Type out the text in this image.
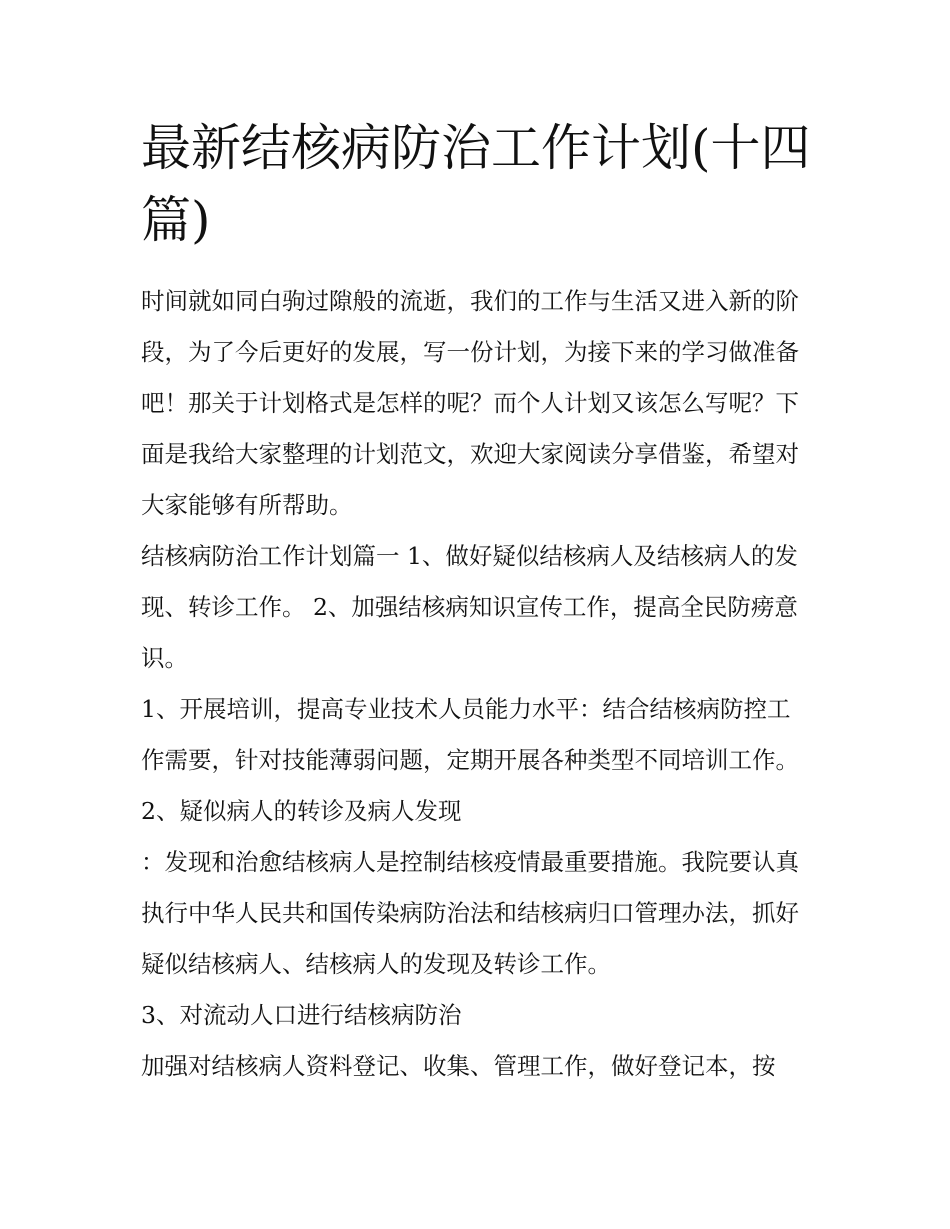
最新结核病防治工作计划(十四篇)

时间就如同白驹过隙般的流逝，我们的工作与生活又进入新的阶段，为了今后更好的发展，写一份计划，为接下来的学习做准备吧！那关于计划格式是怎样的呢？而个人计划又该怎么写呢？下面是我给大家整理的计划范文，欢迎大家阅读分享借鉴，希望对大家能够有所帮助。

结核病防治工作计划篇一 1、做好疑似结核病人及结核病人的发现、转诊工作。 2、加强结核病知识宣传工作，提高全民防痨意识。

1、开展培训，提高专业技术人员能力水平：结合结核病防控工作需要，针对技能薄弱问题，定期开展各种类型不同培训工作。 2、疑似病人的转诊及病人发现

：发现和治愈结核病人是控制结核疫情最重要措施。我院要认真执行中华人民共和国传染病防治法和结核病归口管理办法，抓好疑似结核病人、结核病人的发现及转诊工作。

3、对流动人口进行结核病防治

加强对结核病人资料登记、收集、管理工作，做好登记本，按
